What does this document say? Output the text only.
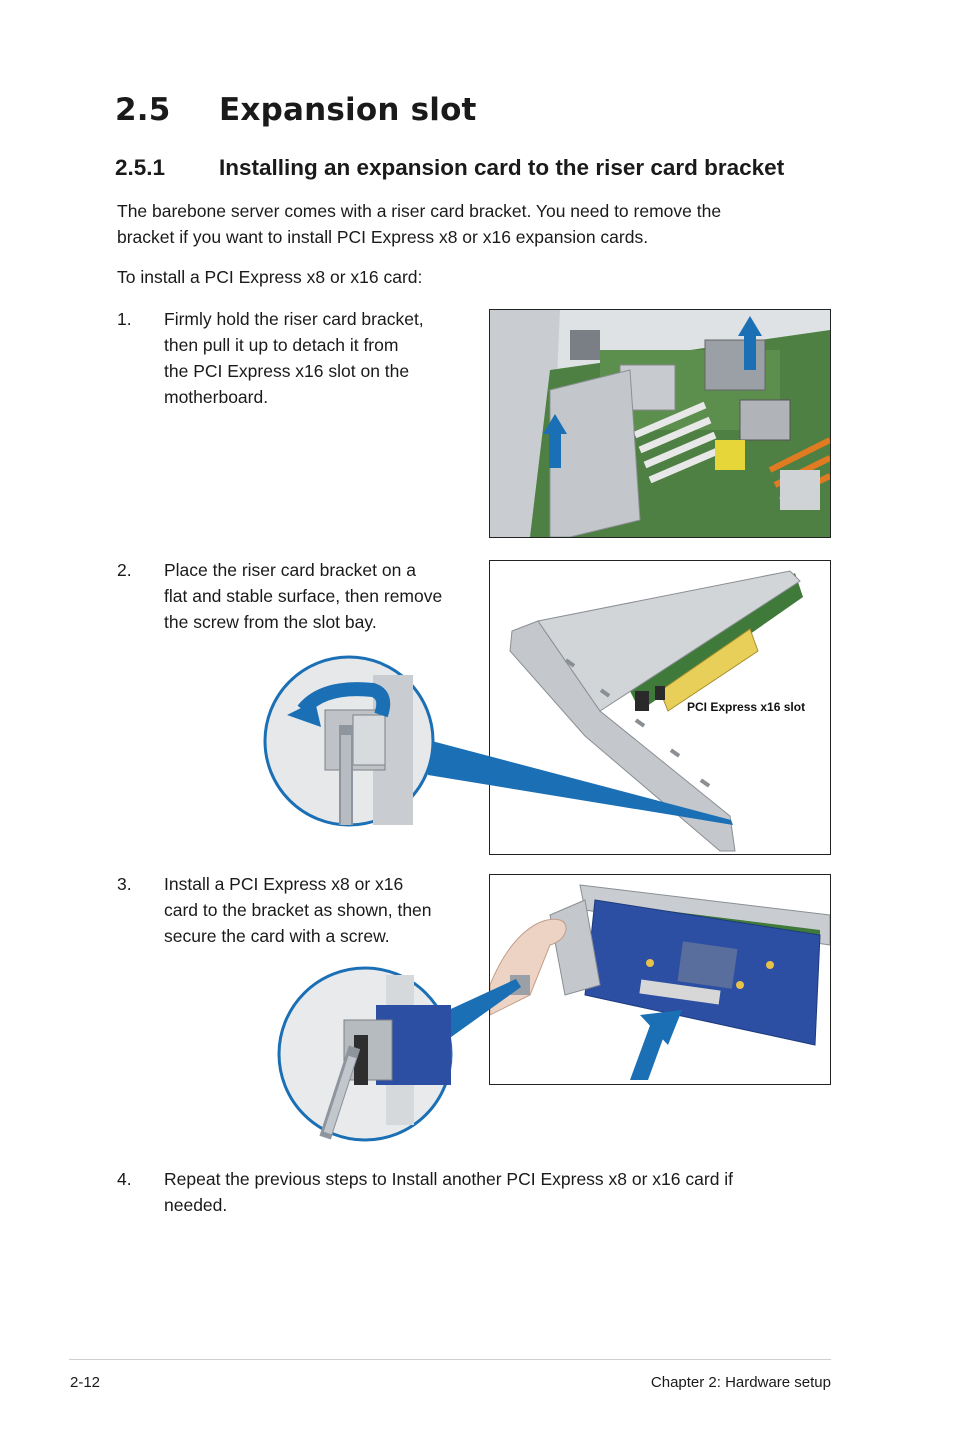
2.5 Expansion slot
2.5.1 Installing an expansion card to the riser card bracket

The barebone server comes with a riser card bracket. You need to remove the
bracket if you want to install PCI Express x8 or x16 expansion cards.

To install a PCI Express x8 or x16 card:

1. Firmly hold the riser card bracket,
then pull it up to detach it from
the PCI Express x16 slot on the
motherboard.
2. Place the riser card bracket on a
flat and stable surface, then remove
the screw from the slot bay.
PCI Express x16 slot
3. Install a PCI Express x8 or x16
card to the bracket as shown, then
secure the card with a screw.
4. Repeat the previous steps to Install another PCI Express x8 or x16 card if
needed.
2-12	Chapter 2: Hardware setup
